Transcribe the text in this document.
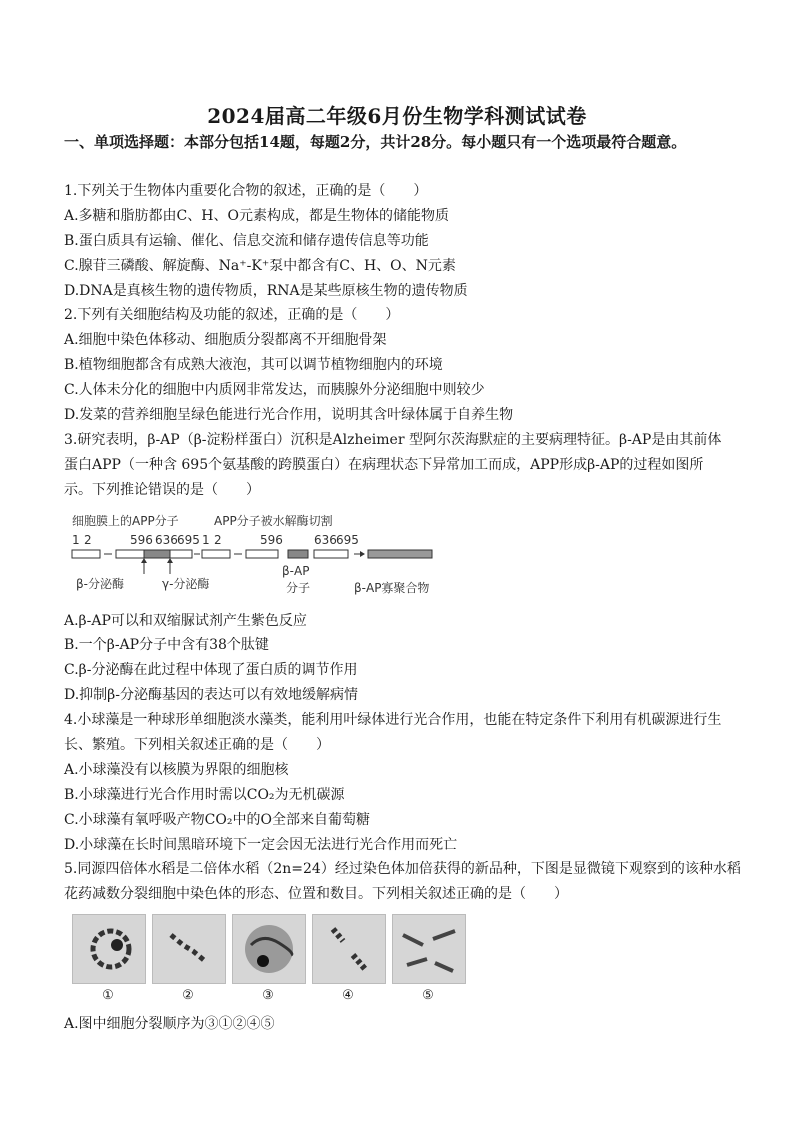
2024届高二年级6月份生物学科测试试卷
一、单项选择题：本部分包括14题，每题2分，共计28分。每小题只有一个选项最符合题意。
1.下列关于生物体内重要化合物的叙述，正确的是（　　）
A.多糖和脂肪都由C、H、O元素构成，都是生物体的储能物质
B.蛋白质具有运输、催化、信息交流和储存遗传信息等功能
C.腺苷三磷酸、解旋酶、Na⁺-K⁺泵中都含有C、H、O、N元素
D.DNA是真核生物的遗传物质，RNA是某些原核生物的遗传物质
2.下列有关细胞结构及功能的叙述，正确的是（　　）
A.细胞中染色体移动、细胞质分裂都离不开细胞骨架
B.植物细胞都含有成熟大液泡，其可以调节植物细胞内的环境
C.人体未分化的细胞中内质网非常发达，而胰腺外分泌细胞中则较少
D.发菜的营养细胞呈绿色能进行光合作用，说明其含叶绿体属于自养生物
3.研究表明，β-AP（β-淀粉样蛋白）沉积是Alzheimer 型阿尔茨海默症的主要病理特征。β-AP是由其前体
蛋白APP（一种含 695个氨基酸的跨膜蛋白）在病理状态下异常加工而成，APP形成β-AP的过程如图所
示。下列推论错误的是（　　）
细胞膜上的APP分子	APP分子被水解酶切割
1 2	596 636 695 1 2	596	636 695
β-分泌酶	γ-分泌酶
β-AP
分子	β-AP寡聚合物
A.β-AP可以和双缩脲试剂产生紫色反应
B.一个β-AP分子中含有38个肽键
C.β-分泌酶在此过程中体现了蛋白质的调节作用
D.抑制β-分泌酶基因的表达可以有效地缓解病情
4.小球藻是一种球形单细胞淡水藻类，能利用叶绿体进行光合作用，也能在特定条件下利用有机碳源进行生
长、繁殖。下列相关叙述正确的是（　　）
A.小球藻没有以核膜为界限的细胞核
B.小球藻进行光合作用时需以CO₂为无机碳源
C.小球藻有氧呼吸产物CO₂中的O全部来自葡萄糖
D.小球藻在长时间黑暗环境下一定会因无法进行光合作用而死亡
5.同源四倍体水稻是二倍体水稻（2n=24）经过染色体加倍获得的新品种，下图是显微镜下观察到的该种水稻
花药减数分裂细胞中染色体的形态、位置和数目。下列相关叙述正确的是（　　）
①	②	③	④	⑤
A.图中细胞分裂顺序为③①②④⑤
